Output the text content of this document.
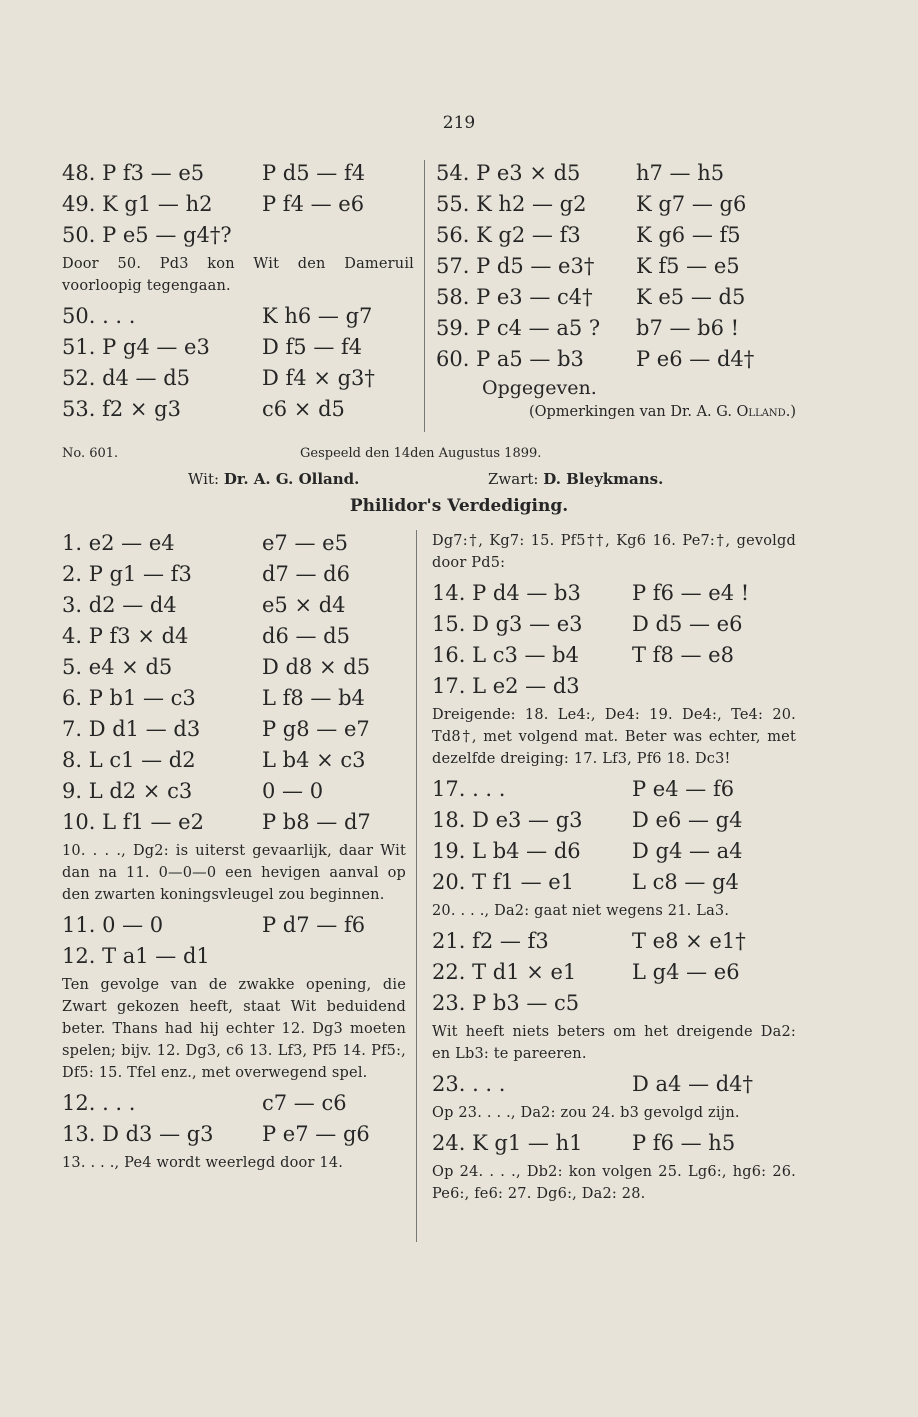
219
48. P f3 — e5	P d5 — f4
49. K g1 — h2	P f4 — e6
50. P e5 — g4†?
Door 50. Pd3 kon Wit den Dameruil voorloopig tegengaan.
50. . . .	K h6 — g7
51. P g4 — e3	D f5 — f4
52. d4 — d5	D f4 × g3†
53. f2 × g3	c6 × d5
54. P e3 × d5	h7 — h5
55. K h2 — g2	K g7 — g6
56. K g2 — f3	K g6 — f5
57. P d5 — e3†	K f5 — e5
58. P e3 — c4†	K e5 — d5
59. P c4 — a5 ?	b7 — b6 !
60. P a5 — b3	P e6 — d4†
Opgegeven.
(Opmerkingen van Dr. A. G. Olland.)
No. 601.	Gespeeld den 14den Augustus 1899.
Wit: Dr. A. G. Olland.	Zwart: D. Bleykmans.
Philidor's Verdediging.
1. e2 — e4	e7 — e5
2. P g1 — f3	d7 — d6
3. d2 — d4	e5 × d4
4. P f3 × d4	d6 — d5
5. e4 × d5	D d8 × d5
6. P b1 — c3	L f8 — b4
7. D d1 — d3	P g8 — e7
8. L c1 — d2	L b4 × c3
9. L d2 × c3	0 — 0
10. L f1 — e2	P b8 — d7
10. . . ., Dg2: is uiterst gevaarlijk, daar Wit dan na 11. 0—0—0 een hevigen aanval op den zwarten koningsvleugel zou beginnen.
11. 0 — 0	P d7 — f6
12. T a1 — d1
Ten gevolge van de zwakke opening, die Zwart gekozen heeft, staat Wit beduidend beter. Thans had hij echter 12. Dg3 moeten spelen; bijv. 12. Dg3, c6 13. Lf3, Pf5 14. Pf5:, Df5: 15. Tfel enz., met overwegend spel.
12. . . .	c7 — c6
13. D d3 — g3	P e7 — g6
13. . . ., Pe4 wordt weerlegd door 14.
Dg7:†, Kg7: 15. Pf5††, Kg6 16. Pe7:†, gevolgd door Pd5:
14. P d4 — b3	P f6 — e4 !
15. D g3 — e3	D d5 — e6
16. L c3 — b4	T f8 — e8
17. L e2 — d3
Dreigende: 18. Le4:, De4: 19. De4:, Te4: 20. Td8†, met volgend mat. Beter was echter, met dezelfde dreiging: 17. Lf3, Pf6 18. Dc3!
17. . . .	P e4 — f6
18. D e3 — g3	D e6 — g4
19. L b4 — d6	D g4 — a4
20. T f1 — e1	L c8 — g4
20. . . ., Da2: gaat niet wegens 21. La3.
21. f2 — f3	T e8 × e1†
22. T d1 × e1	L g4 — e6
23. P b3 — c5
Wit heeft niets beters om het dreigende Da2: en Lb3: te pareeren.
23. . . .	D a4 — d4†
Op 23. . . ., Da2: zou 24. b3 gevolgd zijn.
24. K g1 — h1	P f6 — h5
Op 24. . . ., Db2: kon volgen 25. Lg6:, hg6: 26. Pe6:, fe6: 27. Dg6:, Da2: 28.
